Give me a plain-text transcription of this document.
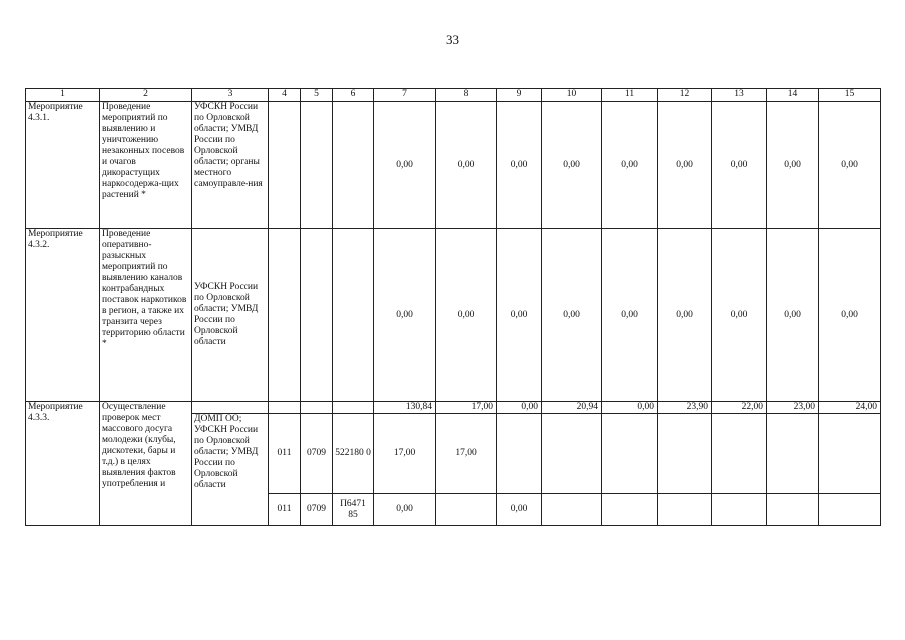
33
1	2	3	4	5	6	7	8	9	10	11	12	13	14	15
Мероприятие 4.3.1.	Проведение мероприятий по выявлению и уничтожению незаконных посевов и очагов дикорастущих наркосодержа-щих растений *	УФСКН России по Орловской области; УМВД России по Орловской области; органы местного самоуправле-ния				0,00	0,00	0,00	0,00	0,00	0,00	0,00	0,00	0,00
Мероприятие 4.3.2.	Проведение оперативно-разыскных мероприятий по выявлению каналов контрабандных поставок наркотиков в регион, а также их транзита через территорию области *	УФСКН России по Орловской области; УМВД России по Орловской области				0,00	0,00	0,00	0,00	0,00	0,00	0,00	0,00	0,00
Мероприятие 4.3.3.	Осуществление проверок мест массового досуга молодежи (клубы, дискотеки, бары и т.д.) в целях выявления фактов употребления и					130,84	17,00	0,00	20,94	0,00	23,90	22,00	23,00	24,00
		ДОМП ОО; УФСКН России по Орловской области; УМВД России по Орловской области	011	0709	522180 0	17,00	17,00							
			011	0709	П6471 85	0,00		0,00						
